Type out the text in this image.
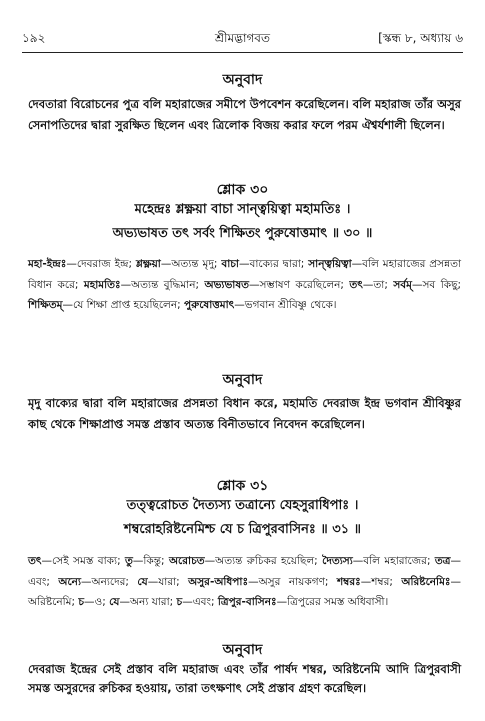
১৯২	শ্রীমদ্ভাগবত	[স্কন্ধ ৮, অধ্যায় ৬
অনুবাদ

দেবতারা বিরোচনের পুত্র বলি মহারাজের সমীপে উপবেশন করেছিলেন। বলি মহারাজ তাঁর অসুর সেনাপতিদের দ্বারা সুরক্ষিত ছিলেন এবং ত্রিলোক বিজয় করার ফলে পরম ঐশ্বর্যশালী ছিলেন।

শ্লোক ৩০
মহেন্দ্রঃ শ্লক্ষ্ণয়া বাচা সান্ত্বয়িত্বা মহামতিঃ ।
অভ্যভাষত তৎ সর্বং শিক্ষিতং পুরুষোত্তমাৎ ॥ ৩০ ॥

মহা-ইন্দ্রঃ—দেবরাজ ইন্দ্র; শ্লক্ষ্ণয়া—অত্যন্ত মৃদু; বাচা—বাক্যের দ্বারা; সান্ত্বয়িত্বা—বলি মহারাজের প্রসন্নতা বিধান করে; মহামতিঃ—অত্যন্ত বুদ্ধিমান; অভ্যভাষত—সম্ভাষণ করেছিলেন; তৎ—তা; সর্বম্—সব কিছু; শিক্ষিতম্—যে শিক্ষা প্রাপ্ত হয়েছিলেন; পুরুষোত্তমাৎ—ভগবান শ্রীবিষ্ণু থেকে।

অনুবাদ

মৃদু বাক্যের দ্বারা বলি মহারাজের প্রসন্নতা বিধান করে, মহামতি দেবরাজ ইন্দ্র ভগবান শ্রীবিষ্ণুর কাছ থেকে শিক্ষাপ্রাপ্ত সমস্ত প্রস্তাব অত্যন্ত বিনীতভাবে নিবেদন করেছিলেন।

শ্লোক ৩১
তত্ত্বরোচত দৈত্যস্য তত্রান্যে যেহসুরাধিপাঃ ।
শম্বরোহরিষ্টনেমিশ্চ যে চ ত্রিপুরবাসিনঃ ॥ ৩১ ॥

তৎ—সেই সমস্ত বাক্য; তু—কিন্তু; অরোচত—অত্যন্ত রুচিকর হয়েছিল; দৈত্যস্য—বলি মহারাজের; তত্র—এবং; অন্যে—অন্যদের; যে—যারা; অসুর-অধিপাঃ—অসুর নায়কগণ; শম্বরঃ—শম্বর; অরিষ্টনেমিঃ—অরিষ্টনেমি; চ—ও; যে—অন্য যারা; চ—এবং; ত্রিপুর-বাসিনঃ—ত্রিপুরের সমস্ত অধিবাসী।

অনুবাদ

দেবরাজ ইন্দ্রের সেই প্রস্তাব বলি মহারাজ এবং তাঁর পার্ষদ শম্বর, অরিষ্টনেমি আদি ত্রিপুরবাসী সমস্ত অসুরদের রুচিকর হওয়ায়, তারা তৎক্ষণাৎ সেই প্রস্তাব গ্রহণ করেছিল।
